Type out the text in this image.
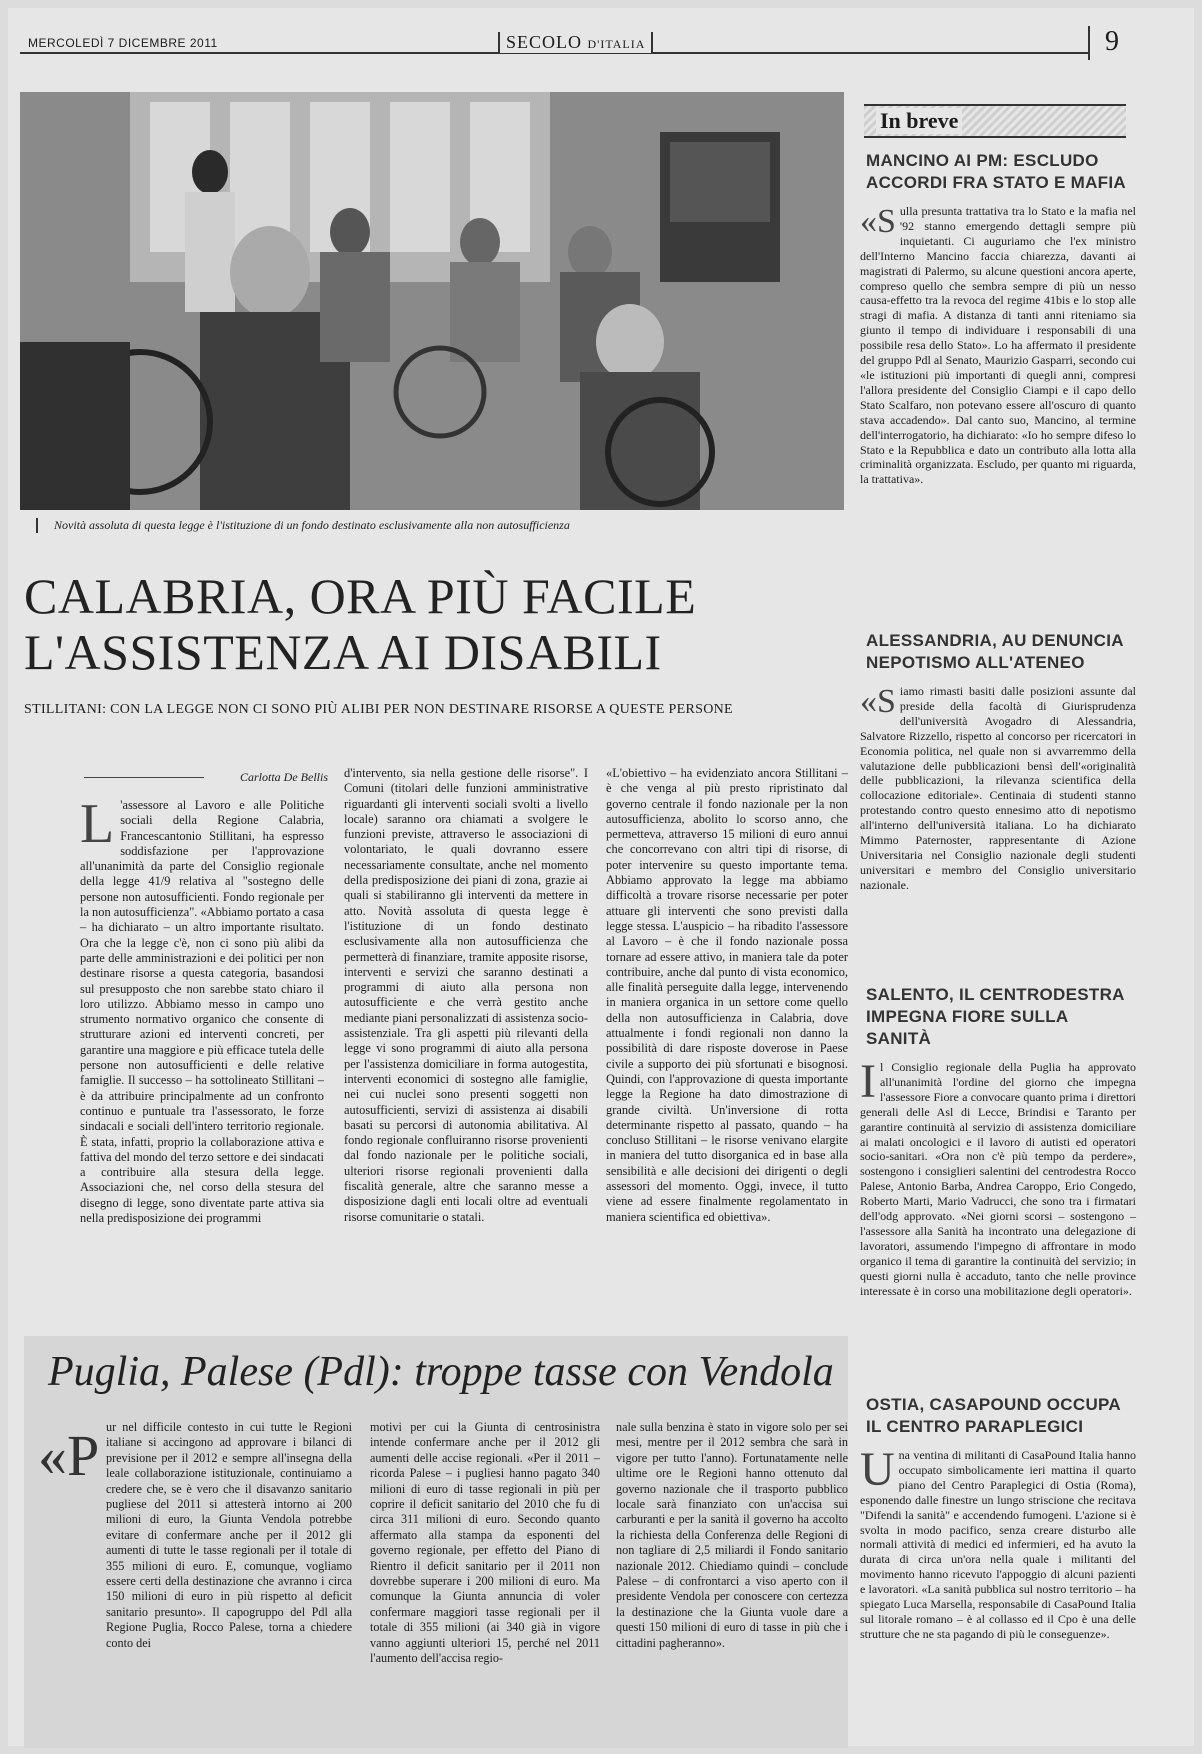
MERCOLEDÌ 7 DICEMBRE 2011	SECOLO D'ITALIA	9
Novità assoluta di questa legge è l'istituzione di un fondo destinato esclusivamente alla non autosufficienza
CALABRIA, ORA PIÙ FACILE
L'ASSISTENZA AI DISABILI
STILLITANI: CON LA LEGGE NON CI SONO PIÙ ALIBI PER NON DESTINARE RISORSE A QUESTE PERSONE
Carlotta De Bellis
L 'assessore al Lavoro e alle Politiche sociali della Regione Calabria, Francescantonio Stillitani, ha espresso soddisfazione per l'approvazione all'unanimità da parte del Consiglio regionale della legge 41/9 relativa al "sostegno delle persone non autosufficienti. Fondo regionale per la non autosufficienza". «Abbiamo portato a casa – ha dichiarato – un altro importante risultato. Ora che la legge c'è, non ci sono più alibi da parte delle amministrazioni e dei politici per non destinare risorse a questa categoria, basandosi sul presupposto che non sarebbe stato chiaro il loro utilizzo. Abbiamo messo in campo uno strumento normativo organico che consente di strutturare azioni ed interventi concreti, per garantire una maggiore e più efficace tutela delle persone non autosufficienti e delle relative famiglie. Il successo – ha sottolineato Stillitani – è da attribuire principalmente ad un confronto continuo e puntuale tra l'assessorato, le forze sindacali e sociali dell'intero territorio regionale. È stata, infatti, proprio la collaborazione attiva e fattiva del mondo del terzo settore e dei sindacati a contribuire alla stesura della legge. Associazioni che, nel corso della stesura del disegno di legge, sono diventate parte attiva sia nella predisposizione dei programmi
d'intervento, sia nella gestione delle risorse". I Comuni (titolari delle funzioni amministrative riguardanti gli interventi sociali svolti a livello locale) saranno ora chiamati a svolgere le funzioni previste, attraverso le associazioni di volontariato, le quali dovranno essere necessariamente consultate, anche nel momento della predisposizione dei piani di zona, grazie ai quali si stabiliranno gli interventi da mettere in atto. Novità assoluta di questa legge è l'istituzione di un fondo destinato esclusivamente alla non autosufficienza che permetterà di finanziare, tramite apposite risorse, interventi e servizi che saranno destinati a programmi di aiuto alla persona non autosufficiente e che verrà gestito anche mediante piani personalizzati di assistenza socio-assistenziale. Tra gli aspetti più rilevanti della legge vi sono programmi di aiuto alla persona per l'assistenza domiciliare in forma autogestita, interventi economici di sostegno alle famiglie, nei cui nuclei sono presenti soggetti non autosufficienti, servizi di assistenza ai disabili basati su percorsi di autonomia abilitativa. Al fondo regionale confluiranno risorse provenienti dal fondo nazionale per le politiche sociali, ulteriori risorse regionali provenienti dalla fiscalità generale, altre che saranno messe a disposizione dagli enti locali oltre ad eventuali risorse comunitarie o statali.
«L'obiettivo – ha evidenziato ancora Stillitani – è che venga al più presto ripristinato dal governo centrale il fondo nazionale per la non autosufficienza, abolito lo scorso anno, che permetteva, attraverso 15 milioni di euro annui che concorrevano con altri tipi di risorse, di poter intervenire su questo importante tema. Abbiamo approvato la legge ma abbiamo difficoltà a trovare risorse necessarie per poter attuare gli interventi che sono previsti dalla legge stessa. L'auspicio – ha ribadito l'assessore al Lavoro – è che il fondo nazionale possa tornare ad essere attivo, in maniera tale da poter contribuire, anche dal punto di vista economico, alle finalità perseguite dalla legge, intervenendo in maniera organica in un settore come quello della non autosufficienza in Calabria, dove attualmente i fondi regionali non danno la possibilità di dare risposte doverose in Paese civile a supporto dei più sfortunati e bisognosi. Quindi, con l'approvazione di questa importante legge la Regione ha dato dimostrazione di grande civiltà. Un'inversione di rotta determinante rispetto al passato, quando – ha concluso Stillitani – le risorse venivano elargite in maniera del tutto disorganica ed in base alla sensibilità e alle decisioni dei dirigenti o degli assessori del momento. Oggi, invece, il tutto viene ad essere finalmente regolamentato in maniera scientifica ed obiettiva».
Puglia, Palese (Pdl): troppe tasse con Vendola
«P ur nel difficile contesto in cui tutte le Regioni italiane si accingono ad approvare i bilanci di previsione per il 2012 e sempre all'insegna della leale collaborazione istituzionale, continuiamo a credere che, se è vero che il disavanzo sanitario pugliese del 2011 si attesterà intorno ai 200 milioni di euro, la Giunta Vendola potrebbe evitare di confermare anche per il 2012 gli aumenti di tutte le tasse regionali per il totale di 355 milioni di euro. E, comunque, vogliamo essere certi della destinazione che avranno i circa 150 milioni di euro in più rispetto al deficit sanitario presunto». Il capogruppo del Pdl alla Regione Puglia, Rocco Palese, torna a chiedere conto dei
motivi per cui la Giunta di centrosinistra intende confermare anche per il 2012 gli aumenti delle accise regionali. «Per il 2011 – ricorda Palese – i pugliesi hanno pagato 340 milioni di euro di tasse regionali in più per coprire il deficit sanitario del 2010 che fu di circa 311 milioni di euro. Secondo quanto affermato alla stampa da esponenti del governo regionale, per effetto del Piano di Rientro il deficit sanitario per il 2011 non dovrebbe superare i 200 milioni di euro. Ma comunque la Giunta annuncia di voler confermare maggiori tasse regionali per il totale di 355 milioni (ai 340 già in vigore vanno aggiunti ulteriori 15, perché nel 2011 l'aumento dell'accisa regio-
nale sulla benzina è stato in vigore solo per sei mesi, mentre per il 2012 sembra che sarà in vigore per tutto l'anno). Fortunatamente nelle ultime ore le Regioni hanno ottenuto dal governo nazionale che il trasporto pubblico locale sarà finanziato con un'accisa sui carburanti e per la sanità il governo ha accolto la richiesta della Conferenza delle Regioni di non tagliare di 2,5 miliardi il Fondo sanitario nazionale 2012. Chiediamo quindi – conclude Palese – di confrontarci a viso aperto con il presidente Vendola per conoscere con certezza la destinazione che la Giunta vuole dare a questi 150 milioni di euro di tasse in più che i cittadini pagheranno».
In breve
MANCINO AI PM: ESCLUDO ACCORDI FRA STATO E MAFIA
«S ulla presunta trattativa tra lo Stato e la mafia nel '92 stanno emergendo dettagli sempre più inquietanti. Ci auguriamo che l'ex ministro dell'Interno Mancino faccia chiarezza, davanti ai magistrati di Palermo, su alcune questioni ancora aperte, compreso quello che sembra sempre di più un nesso causa-effetto tra la revoca del regime 41bis e lo stop alle stragi di mafia. A distanza di tanti anni riteniamo sia giunto il tempo di individuare i responsabili di una possibile resa dello Stato». Lo ha affermato il presidente del gruppo Pdl al Senato, Maurizio Gasparri, secondo cui «le istituzioni più importanti di quegli anni, compresi l'allora presidente del Consiglio Ciampi e il capo dello Stato Scalfaro, non potevano essere all'oscuro di quanto stava accadendo». Dal canto suo, Mancino, al termine dell'interrogatorio, ha dichiarato: «Io ho sempre difeso lo Stato e la Repubblica e dato un contributo alla lotta alla criminalità organizzata. Escludo, per quanto mi riguarda, la trattativa».
ALESSANDRIA, AU DENUNCIA NEPOTISMO ALL'ATENEO
«S iamo rimasti basiti dalle posizioni assunte dal preside della facoltà di Giurisprudenza dell'università Avogadro di Alessandria, Salvatore Rizzello, rispetto al concorso per ricercatori in Economia politica, nel quale non si avvarremmo della valutazione delle pubblicazioni bensì dell'«originalità delle pubblicazioni, la rilevanza scientifica della collocazione editoriale». Centinaia di studenti stanno protestando contro questo ennesimo atto di nepotismo all'interno dell'università italiana. Lo ha dichiarato Mimmo Paternoster, rappresentante di Azione Universitaria nel Consiglio nazionale degli studenti universitari e membro del Consiglio universitario nazionale.
SALENTO, IL CENTRODESTRA IMPEGNA FIORE SULLA SANITÀ
I l Consiglio regionale della Puglia ha approvato all'unanimità l'ordine del giorno che impegna l'assessore Fiore a convocare quanto prima i direttori generali delle Asl di Lecce, Brindisi e Taranto per garantire continuità al servizio di assistenza domiciliare ai malati oncologici e il lavoro di autisti ed operatori socio-sanitari. «Ora non c'è più tempo da perdere», sostengono i consiglieri salentini del centrodestra Rocco Palese, Antonio Barba, Andrea Caroppo, Erio Congedo, Roberto Marti, Mario Vadrucci, che sono tra i firmatari dell'odg approvato. «Nei giorni scorsi – sostengono – l'assessore alla Sanità ha incontrato una delegazione di lavoratori, assumendo l'impegno di affrontare in modo organico il tema di garantire la continuità del servizio; in questi giorni nulla è accaduto, tanto che nelle province interessate è in corso una mobilitazione degli operatori».
OSTIA, CASAPOUND OCCUPA IL CENTRO PARAPLEGICI
U na ventina di militanti di CasaPound Italia hanno occupato simbolicamente ieri mattina il quarto piano del Centro Paraplegici di Ostia (Roma), esponendo dalle finestre un lungo striscione che recitava "Difendi la sanità" e accendendo fumogeni. L'azione si è svolta in modo pacifico, senza creare disturbo alle normali attività di medici ed infermieri, ed ha avuto la durata di circa un'ora nella quale i militanti del movimento hanno ricevuto l'appoggio di alcuni pazienti e lavoratori. «La sanità pubblica sul nostro territorio – ha spiegato Luca Marsella, responsabile di CasaPound Italia sul litorale romano – è al collasso ed il Cpo è una delle strutture che ne sta pagando di più le conseguenze».
